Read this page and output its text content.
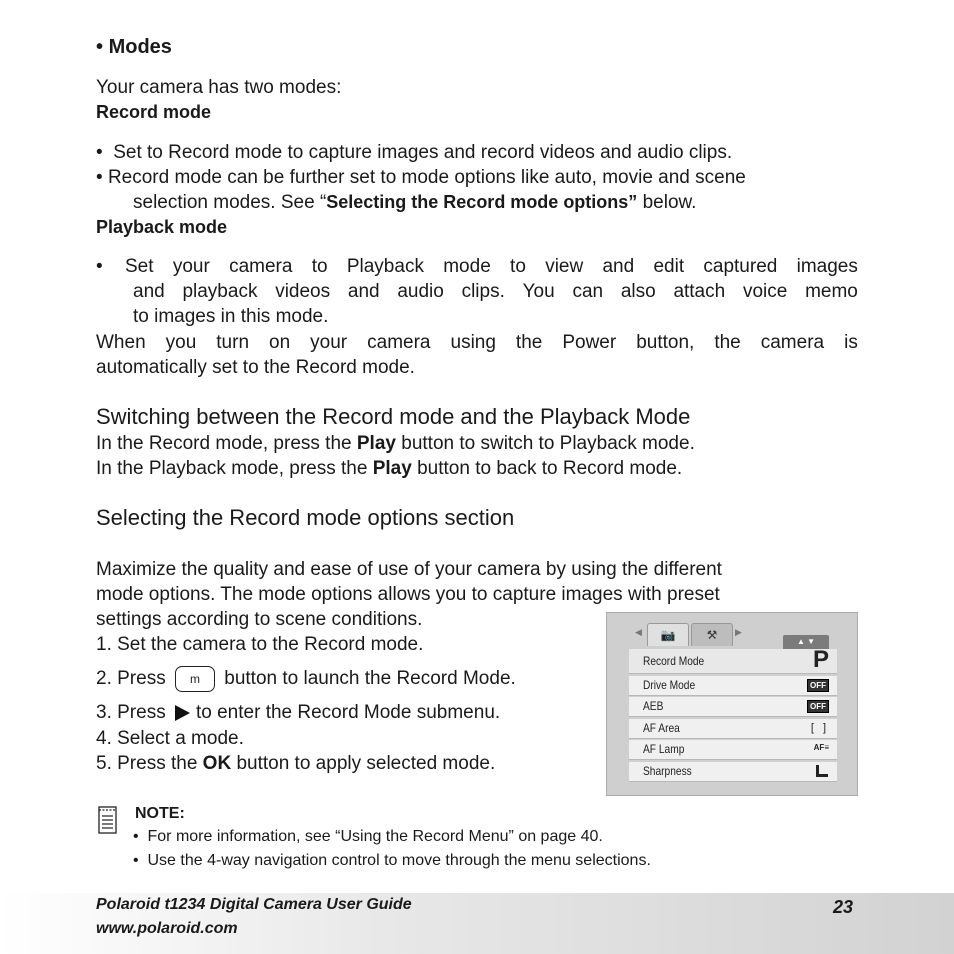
• Modes
Your camera has two modes:
Record mode
• Set to Record mode to capture images and record videos and audio clips.
• Record mode can be further set to mode options like auto, movie and scene
selection modes. See “Selecting the Record mode options” below.
Playback mode
• Set your camera to Playback mode to view and edit captured images
and playback videos and audio clips. You can also attach voice memo
to images in this mode.
When you turn on your camera using the Power button, the camera is
automatically set to the Record mode.
Switching between the Record mode and the Playback Mode
In the Record mode, press the Play button to switch to Playback mode.
In the Playback mode, press the Play button to back to Record mode.
Selecting the Record mode options section
Maximize the quality and ease of use of your camera by using the different
mode options. The mode options allows you to capture images with preset
settings according to scene conditions.
1. Set the camera to the Record mode.
2. Press m button to launch the Record Mode.
3. Press to enter the Record Mode submenu.
4. Select a mode.
5. Press the OK button to apply selected mode.
◀	📷	⚒	▶
▲ ▼
Record Mode	P
Drive Mode	OFF
AEB	OFF
AF Area	[ ]
AF Lamp	AF≡
Sharpness
NOTE:
• For more information, see “Using the Record Menu” on page 40.
• Use the 4-way navigation control to move through the menu selections.
Polaroid t1234 Digital Camera User Guide
www.polaroid.com
23
